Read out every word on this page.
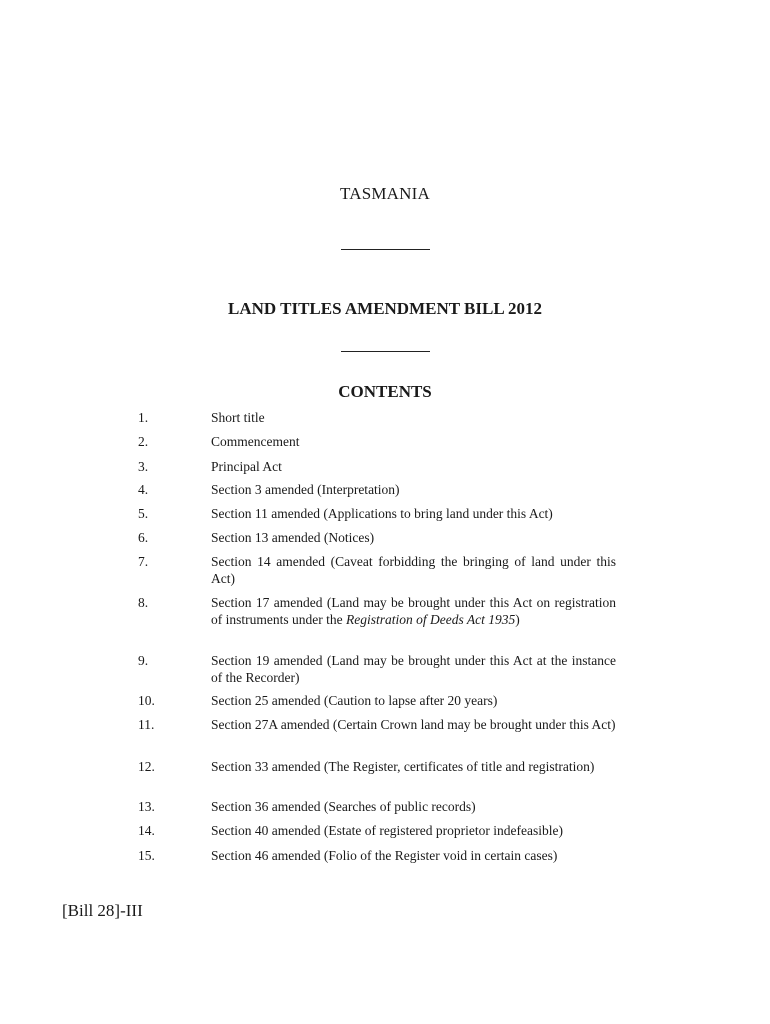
TASMANIA
LAND TITLES AMENDMENT BILL 2012
CONTENTS
1.	Short title
2.	Commencement
3.	Principal Act
4.	Section 3 amended (Interpretation)
5.	Section 11 amended (Applications to bring land under this Act)
6.	Section 13 amended (Notices)
7.	Section 14 amended (Caveat forbidding the bringing of land under this Act)
8.	Section 17 amended (Land may be brought under this Act on registration of instruments under the Registration of Deeds Act 1935)
9.	Section 19 amended (Land may be brought under this Act at the instance of the Recorder)
10.	Section 25 amended (Caution to lapse after 20 years)
11.	Section 27A amended (Certain Crown land may be brought under this Act)
12.	Section 33 amended (The Register, certificates of title and registration)
13.	Section 36 amended (Searches of public records)
14.	Section 40 amended (Estate of registered proprietor indefeasible)
15.	Section 46 amended (Folio of the Register void in certain cases)
[Bill 28]-III
